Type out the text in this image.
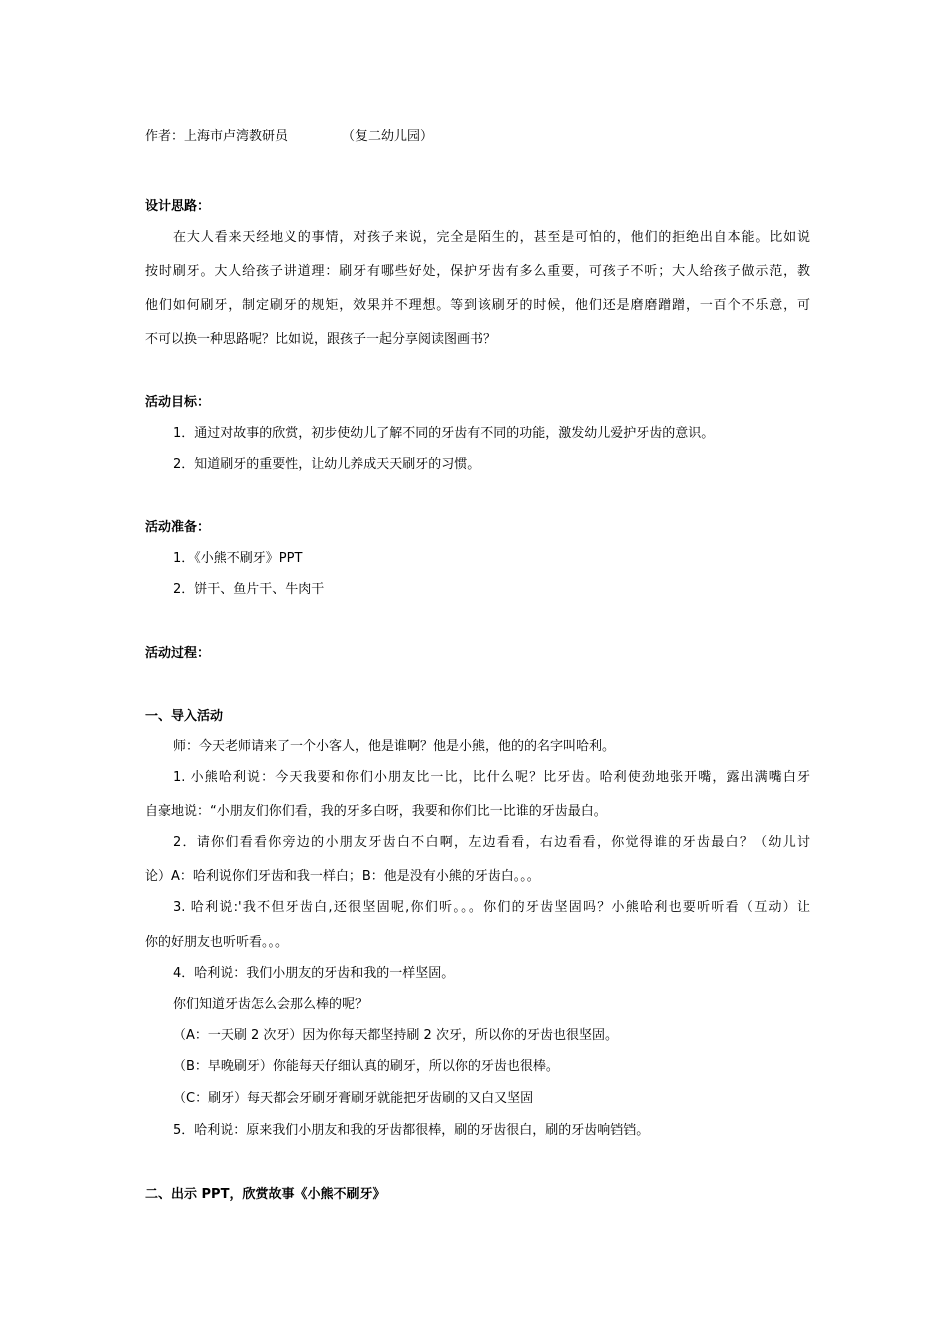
作者：上海市卢湾教研员	（复二幼儿园）
设计思路：
在大人看来天经地义的事情，对孩子来说，完全是陌生的，甚至是可怕的，他们的拒绝出自本能。比如说
按时刷牙。大人给孩子讲道理：刷牙有哪些好处，保护牙齿有多么重要，可孩子不听；大人给孩子做示范，教
他们如何刷牙，制定刷牙的规矩，效果并不理想。等到该刷牙的时候，他们还是磨磨蹭蹭，一百个不乐意，可
不可以换一种思路呢？比如说，跟孩子一起分享阅读图画书？
活动目标：
1．通过对故事的欣赏，初步使幼儿了解不同的牙齿有不同的功能，激发幼儿爱护牙齿的意识。
2．知道刷牙的重要性，让幼儿养成天天刷牙的习惯。
活动准备：
1．《小熊不刷牙》PPT
2．饼干、鱼片干、牛肉干
活动过程：
一、导入活动
师：今天老师请来了一个小客人，他是谁啊？他是小熊，他的的名字叫哈利。
1. 小熊哈利说：今天我要和你们小朋友比一比，比什么呢？比牙齿。哈利使劲地张开嘴，露出满嘴白牙
自豪地说：“小朋友们你们看，我的牙多白呀，我要和你们比一比谁的牙齿最白。
2．请你们看看你旁边的小朋友牙齿白不白啊，左边看看，右边看看，你觉得谁的牙齿最白？（幼儿讨
论）A：哈利说你们牙齿和我一样白；B：他是没有小熊的牙齿白。。。
3. 哈利说:'我不但牙齿白,还很坚固呢,你们听。。。你们的牙齿坚固吗？小熊哈利也要听听看（互动）让
你的好朋友也听听看。。。
4．哈利说：我们小朋友的牙齿和我的一样坚固。
你们知道牙齿怎么会那么棒的呢？
（A：一天刷 2 次牙）因为你每天都坚持刷 2 次牙，所以你的牙齿也很坚固。
（B：早晚刷牙）你能每天仔细认真的刷牙，所以你的牙齿也很棒。
（C：刷牙）每天都会牙刷牙膏刷牙就能把牙齿刷的又白又坚固
5．哈利说：原来我们小朋友和我的牙齿都很棒，刷的牙齿很白，刷的牙齿响铛铛。
二、出示 PPT，欣赏故事《小熊不刷牙》
